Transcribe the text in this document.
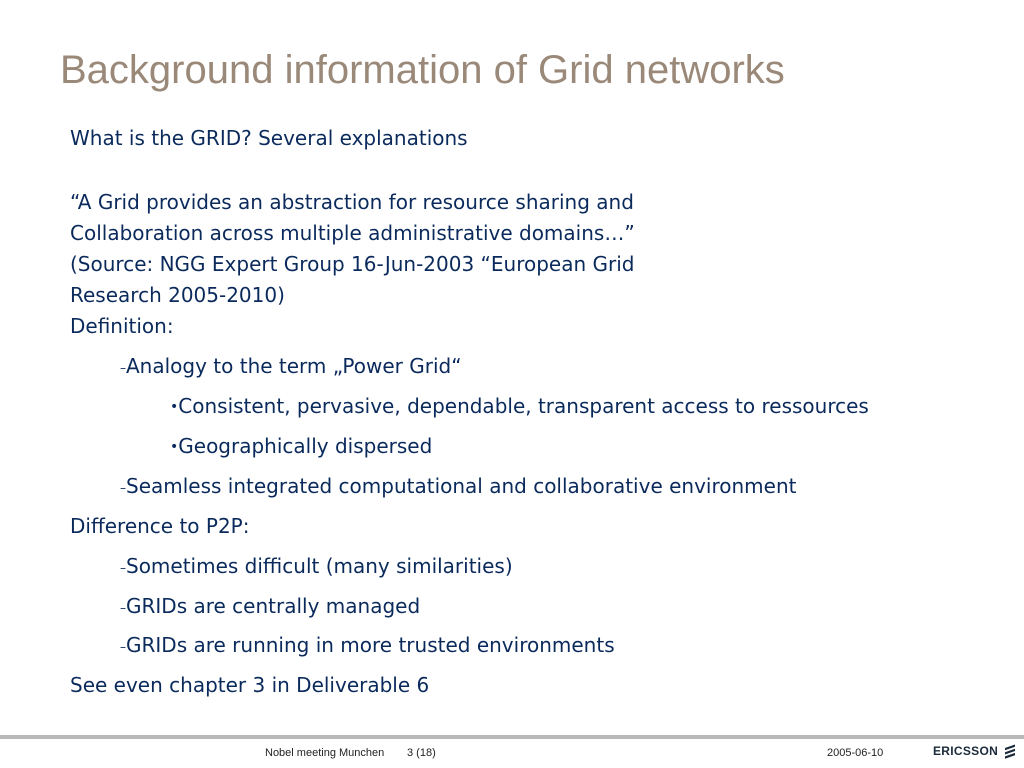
Background information of Grid networks
What is the GRID? Several explanations
“A Grid provides an abstraction for resource sharing and
Collaboration across multiple administrative domains…”
(Source: NGG Expert Group 16-Jun-2003 “European Grid
Research 2005-2010)
Definition:
–Analogy to the term „Power Grid“
•Consistent, pervasive, dependable, transparent access to ressources
•Geographically dispersed
–Seamless integrated computational and collaborative environment
Difference to P2P:
–Sometimes difficult (many similarities)
–GRIDs are centrally managed
–GRIDs are running in more trusted environments
See even chapter 3 in Deliverable 6
Nobel meeting Munchen 3 (18)	2005-06-10	ERICSSON
